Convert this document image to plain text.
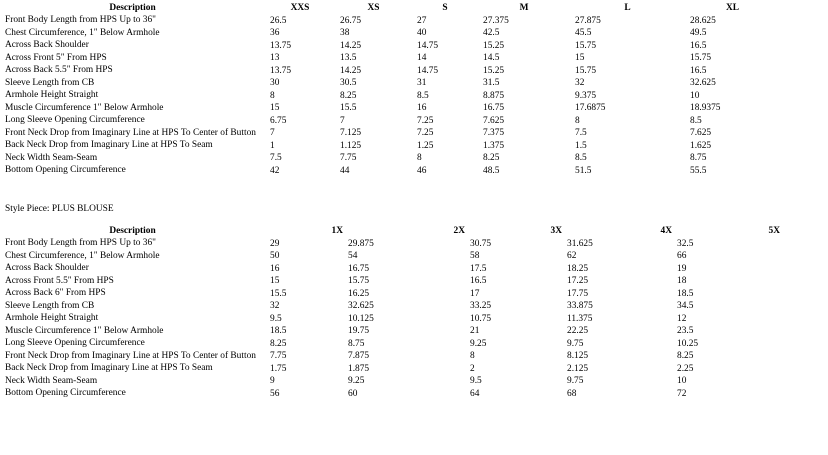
Description	XXS	XS	S	M	L	XL
Front Body Length from HPS Up to 36"	26.5	26.75	27	27.375	27.875	28.625
Chest Circumference, 1" Below Armhole	36	38	40	42.5	45.5	49.5
Across Back Shoulder	13.75	14.25	14.75	15.25	15.75	16.5
Across Front 5" From HPS	13	13.5	14	14.5	15	15.75
Across Back 5.5" From HPS	13.75	14.25	14.75	15.25	15.75	16.5
Sleeve Length from CB	30	30.5	31	31.5	32	32.625
Armhole Height Straight	8	8.25	8.5	8.875	9.375	10
Muscle Circumference 1" Below Armhole	15	15.5	16	16.75	17.6875	18.9375
Long Sleeve Opening Circumference	6.75	7	7.25	7.625	8	8.5
Front Neck Drop from Imaginary Line at HPS To Center of Button	7	7.125	7.25	7.375	7.5	7.625
Back Neck Drop from Imaginary Line at HPS To Seam	1	1.125	1.25	1.375	1.5	1.625
Neck Width Seam-Seam	7.5	7.75	8	8.25	8.5	8.75
Bottom Opening Circumference	42	44	46	48.5	51.5	55.5
Style Piece: PLUS BLOUSE
Description	1X	2X	3X	4X	5X
Front Body Length from HPS Up to 36"	29	29.875	30.75	31.625	32.5
Chest Circumference, 1" Below Armhole	50	54	58	62	66
Across Back Shoulder	16	16.75	17.5	18.25	19
Across Front 5.5" From HPS	15	15.75	16.5	17.25	18
Across Back 6" From HPS	15.5	16.25	17	17.75	18.5
Sleeve Length from CB	32	32.625	33.25	33.875	34.5
Armhole Height Straight	9.5	10.125	10.75	11.375	12
Muscle Circumference 1" Below Armhole	18.5	19.75	21	22.25	23.5
Long Sleeve Opening Circumference	8.25	8.75	9.25	9.75	10.25
Front Neck Drop from Imaginary Line at HPS To Center of Button	7.75	7.875	8	8.125	8.25
Back Neck Drop from Imaginary Line at HPS To Seam	1.75	1.875	2	2.125	2.25
Neck Width Seam-Seam	9	9.25	9.5	9.75	10
Bottom Opening Circumference	56	60	64	68	72
